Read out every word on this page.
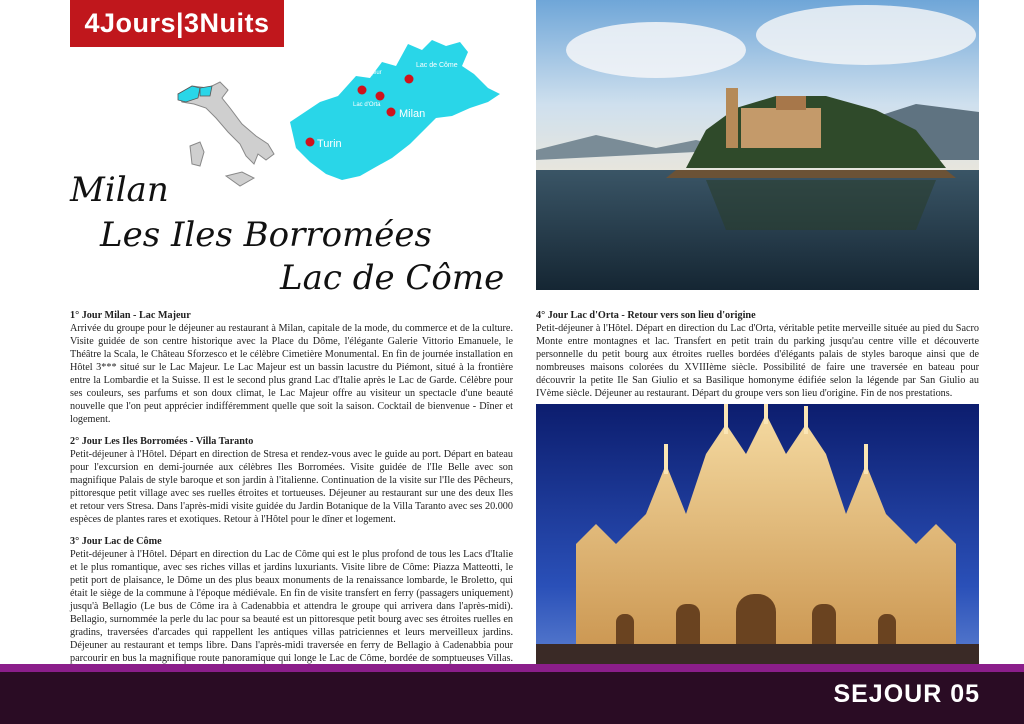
4Jours|3Nuits
Lac de Côme
Lac Majeur
Lac d'Orta
Milan
Turin
Milan
Les Iles Borromées
Lac de Côme

1° Jour Milan - Lac Majeur
Arrivée du groupe pour le déjeuner au restaurant à Milan, capitale de la mode, du commerce et de la culture. Visite guidée de son centre historique avec la Place du Dôme, l'élégante Galerie Vittorio Emanuele, le Théâtre la Scala, le Château Sforzesco et le célèbre Cimetière Monumental. En fin de journée installation en Hôtel 3*** situé sur le Lac Majeur. Le Lac Majeur est un bassin lacustre du Piémont, situé à la frontière entre la Lombardie et la Suisse. Il est le second plus grand Lac d'Italie après le Lac de Garde. Célèbre pour ses couleurs, ses parfums et son doux climat, le Lac Majeur offre au visiteur un spectacle d'une beauté nouvelle que l'on peut apprécier indifféremment quelle que soit la saison. Cocktail de bienvenue - Dîner et logement.

2° Jour Les Iles Borromées - Villa Taranto
Petit-déjeuner à l'Hôtel. Départ en direction de Stresa et rendez-vous avec le guide au port. Départ en bateau pour l'excursion en demi-journée aux célèbres Iles Borromées. Visite guidée de l'Ile Belle avec son magnifique Palais de style baroque et son jardin à l'italienne. Continuation de la visite sur l'Ile des Pêcheurs, pittoresque petit village avec ses ruelles étroites et tortueuses. Déjeuner au restaurant sur une des deux Iles et retour vers Stresa. Dans l'après-midi visite guidée du Jardin Botanique de la Villa Taranto avec ses 20.000 espèces de plantes rares et exotiques. Retour à l'Hôtel pour le dîner et logement.

3° Jour Lac de Côme
Petit-déjeuner à l'Hôtel. Départ en direction du Lac de Côme qui est le plus profond de tous les Lacs d'Italie et le plus romantique, avec ses riches villas et jardins luxuriants. Visite libre de Côme: Piazza Matteotti, le petit port de plaisance, le Dôme un des plus beaux monuments de la renaissance lombarde, le Broletto, qui était le siège de la commune à l'époque médiévale. En fin de visite transfert en ferry (passagers uniquement) jusqu'à Bellagio (Le bus de Côme ira à Cadenabbia et attendra le groupe qui arrivera dans l'après-midi). Bellagio, surnommée la perle du lac pour sa beauté est un pittoresque petit bourg avec ses étroites ruelles en gradins, traversées d'arcades qui rappellent les antiques villas patriciennes et leurs merveilleux jardins. Déjeuner au restaurant et temps libre. Dans l'après-midi traversée en ferry de Bellagio à Cadenabbia pour parcourir en bus la magnifique route panoramique qui longe le Lac de Côme, bordée de somptueuses Villas.

4° Jour Lac d'Orta - Retour vers son lieu d'origine
Petit-déjeuner à l'Hôtel. Départ en direction du Lac d'Orta, véritable petite merveille située au pied du Sacro Monte entre montagnes et lac. Transfert en petit train du parking jusqu'au centre ville et découverte personnelle du petit bourg aux étroites ruelles bordées d'élégants palais de styles baroque ainsi que de nombreuses maisons colorées du XVIIIème siècle. Possibilité de faire une traversée en bateau pour découvrir la petite Ile San Giulio et sa Basilique homonyme édifiée selon la légende par San Giulio au IVème siècle. Déjeuner au restaurant. Départ du groupe vers son lieu d'origine. Fin de nos prestations.

SEJOUR 05
